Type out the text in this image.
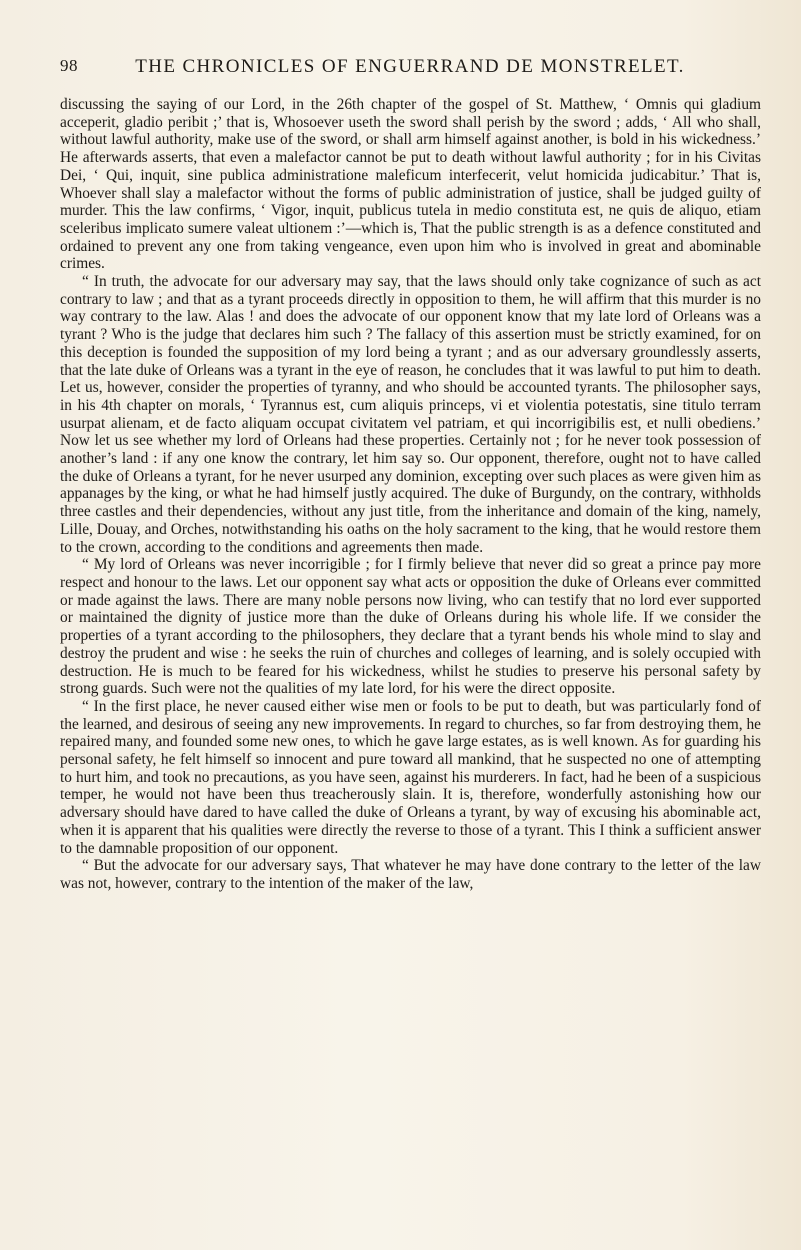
98	THE CHRONICLES OF ENGUERRAND DE MONSTRELET.

discussing the saying of our Lord, in the 26th chapter of the gospel of St. Matthew, ‘ Omnis qui gladium acceperit, gladio peribit ;’ that is, Whosoever useth the sword shall perish by the sword ; adds, ‘ All who shall, without lawful authority, make use of the sword, or shall arm himself against another, is bold in his wickedness.’ He afterwards asserts, that even a malefactor cannot be put to death without lawful authority ; for in his Civitas Dei, ‘ Qui, inquit, sine publica administratione maleficum interfecerit, velut homicida judicabitur.’ That is, Whoever shall slay a malefactor without the forms of public administration of justice, shall be judged guilty of murder. This the law confirms, ‘ Vigor, inquit, publicus tutela in medio constituta est, ne quis de aliquo, etiam sceleribus implicato sumere valeat ultionem :’—which is, That the public strength is as a defence constituted and ordained to prevent any one from taking vengeance, even upon him who is involved in great and abominable crimes.

“ In truth, the advocate for our adversary may say, that the laws should only take cognizance of such as act contrary to law ; and that as a tyrant proceeds directly in opposition to them, he will affirm that this murder is no way contrary to the law. Alas ! and does the advocate of our opponent know that my late lord of Orleans was a tyrant ? Who is the judge that declares him such ? The fallacy of this assertion must be strictly examined, for on this deception is founded the supposition of my lord being a tyrant ; and as our adversary groundlessly asserts, that the late duke of Orleans was a tyrant in the eye of reason, he concludes that it was lawful to put him to death. Let us, however, consider the properties of tyranny, and who should be accounted tyrants. The philosopher says, in his 4th chapter on morals, ‘ Tyrannus est, cum aliquis princeps, vi et violentia potestatis, sine titulo terram usurpat alienam, et de facto aliquam occupat civitatem vel patriam, et qui incorrigibilis est, et nulli obediens.’ Now let us see whether my lord of Orleans had these properties. Certainly not ; for he never took possession of another’s land : if any one know the contrary, let him say so. Our opponent, therefore, ought not to have called the duke of Orleans a tyrant, for he never usurped any dominion, excepting over such places as were given him as appanages by the king, or what he had himself justly acquired. The duke of Burgundy, on the contrary, withholds three castles and their dependencies, without any just title, from the inheritance and domain of the king, namely, Lille, Douay, and Orches, notwithstanding his oaths on the holy sacrament to the king, that he would restore them to the crown, according to the conditions and agreements then made.

“ My lord of Orleans was never incorrigible ; for I firmly believe that never did so great a prince pay more respect and honour to the laws. Let our opponent say what acts or opposition the duke of Orleans ever committed or made against the laws. There are many noble persons now living, who can testify that no lord ever supported or maintained the dignity of justice more than the duke of Orleans during his whole life. If we consider the properties of a tyrant according to the philosophers, they declare that a tyrant bends his whole mind to slay and destroy the prudent and wise : he seeks the ruin of churches and colleges of learning, and is solely occupied with destruction. He is much to be feared for his wickedness, whilst he studies to preserve his personal safety by strong guards. Such were not the qualities of my late lord, for his were the direct opposite.

“ In the first place, he never caused either wise men or fools to be put to death, but was particularly fond of the learned, and desirous of seeing any new improvements. In regard to churches, so far from destroying them, he repaired many, and founded some new ones, to which he gave large estates, as is well known. As for guarding his personal safety, he felt himself so innocent and pure toward all mankind, that he suspected no one of attempting to hurt him, and took no precautions, as you have seen, against his murderers. In fact, had he been of a suspicious temper, he would not have been thus treacherously slain. It is, therefore, wonderfully astonishing how our adversary should have dared to have called the duke of Orleans a tyrant, by way of excusing his abominable act, when it is apparent that his qualities were directly the reverse to those of a tyrant. This I think a sufficient answer to the damnable proposition of our opponent.

“ But the advocate for our adversary says, That whatever he may have done contrary to the letter of the law was not, however, contrary to the intention of the maker of the law,
